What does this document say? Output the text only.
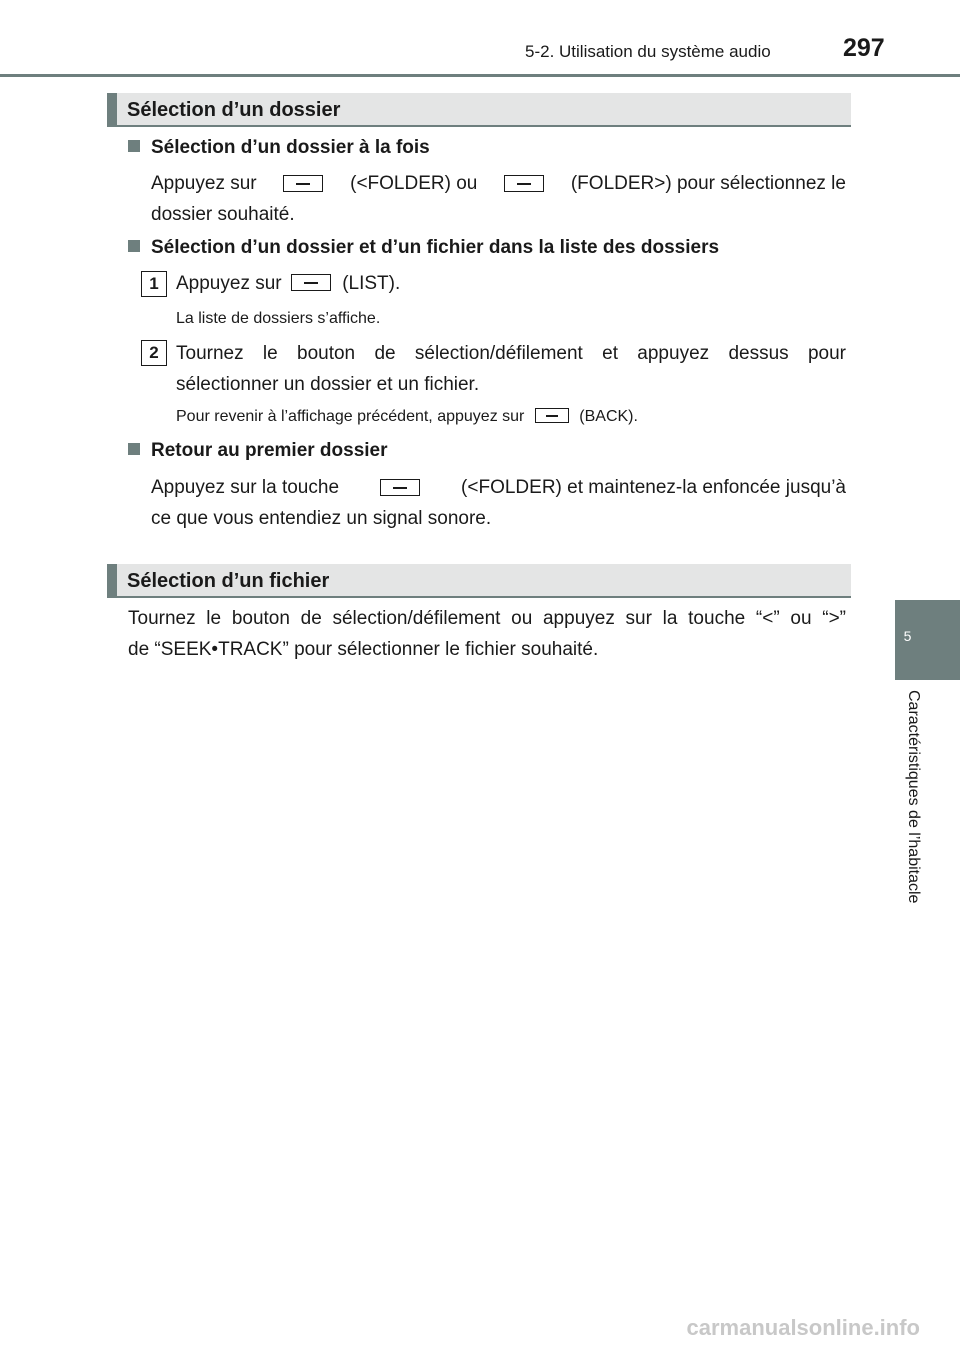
5-2. Utilisation du système audio	297
5
Caractéristiques de l’habitacle
Sélection d’un dossier
Sélection d’un dossier à la fois
Appuyez sur	(<FOLDER) ou	(FOLDER>) pour sélectionnez le
dossier souhaité.
Sélection d’un dossier et d’un fichier dans la liste des dossiers
1 Appuyez sur	(LIST).
La liste de dossiers s’affiche.
2 Tournez le bouton de sélection/défilement et appuyez dessus pour
sélectionner un dossier et un fichier.
Pour revenir à l’affichage précédent, appuyez sur	(BACK).
Retour au premier dossier
Appuyez sur la touche	(<FOLDER) et maintenez-la enfoncée jusqu’à
ce que vous entendiez un signal sonore.
Sélection d’un fichier
Tournez le bouton de sélection/défilement ou appuyez sur la touche “<” ou “>”
de “SEEK•TRACK” pour sélectionner le fichier souhaité.
carmanualsonline.info
